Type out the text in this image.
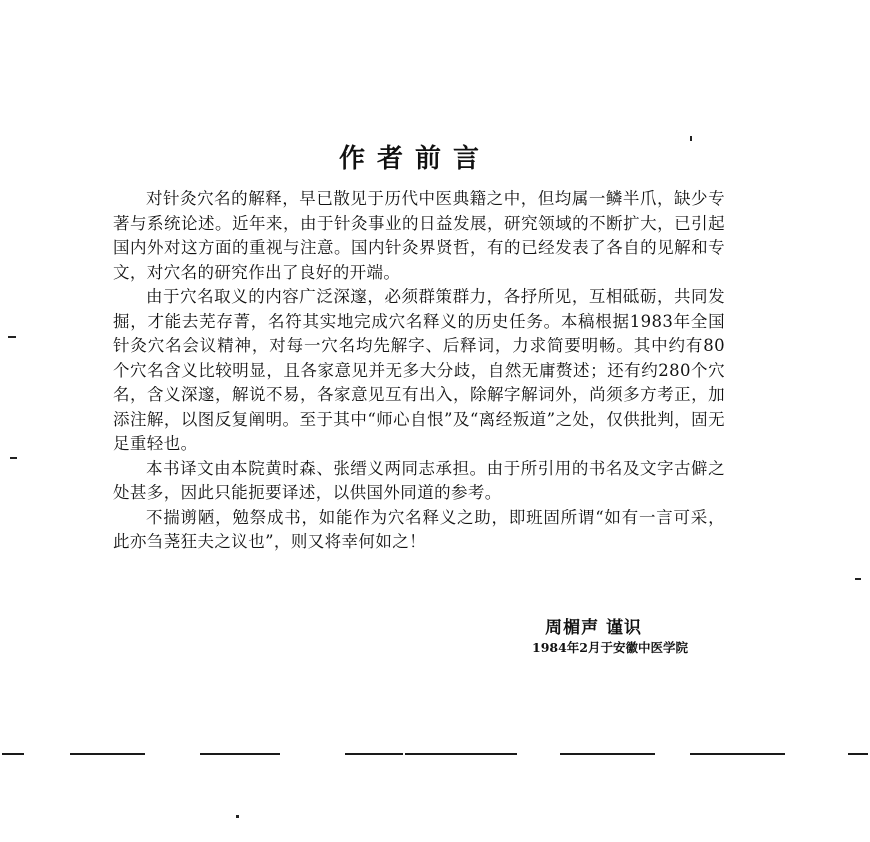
作者前言

对针灸穴名的解释，早已散见于历代中医典籍之中，但均属一鳞半爪，缺少专著与系统论述。近年来，由于针灸事业的日益发展，研究领域的不断扩大，已引起国内外对这方面的重视与注意。国内针灸界贤哲，有的已经发表了各自的见解和专文，对穴名的研究作出了良好的开端。

由于穴名取义的内容广泛深邃，必须群策群力，各抒所见，互相砥砺，共同发掘，才能去芜存菁，名符其实地完成穴名释义的历史任务。本稿根据1983年全国针灸穴名会议精神，对每一穴名均先解字、后释词，力求简要明畅。其中约有80个穴名含义比较明显，且各家意见并无多大分歧，自然无庸赘述；还有约280个穴名，含义深邃，解说不易，各家意见互有出入，除解字解词外，尚须多方考正，加添注解，以图反复阐明。至于其中“师心自恨”及“离经叛道”之处，仅供批判，固无足重轻也。

本书译文由本院黄时森、张缙义两同志承担。由于所引用的书名及文字古僻之处甚多，因此只能扼要译述，以供国外同道的参考。

不揣谫陋，勉祭成书，如能作为穴名释义之助，即班固所谓“如有一言可采，此亦刍荛狂夫之议也”，则又将幸何如之！

周楣声 谨识
1984年2月于安徽中医学院
